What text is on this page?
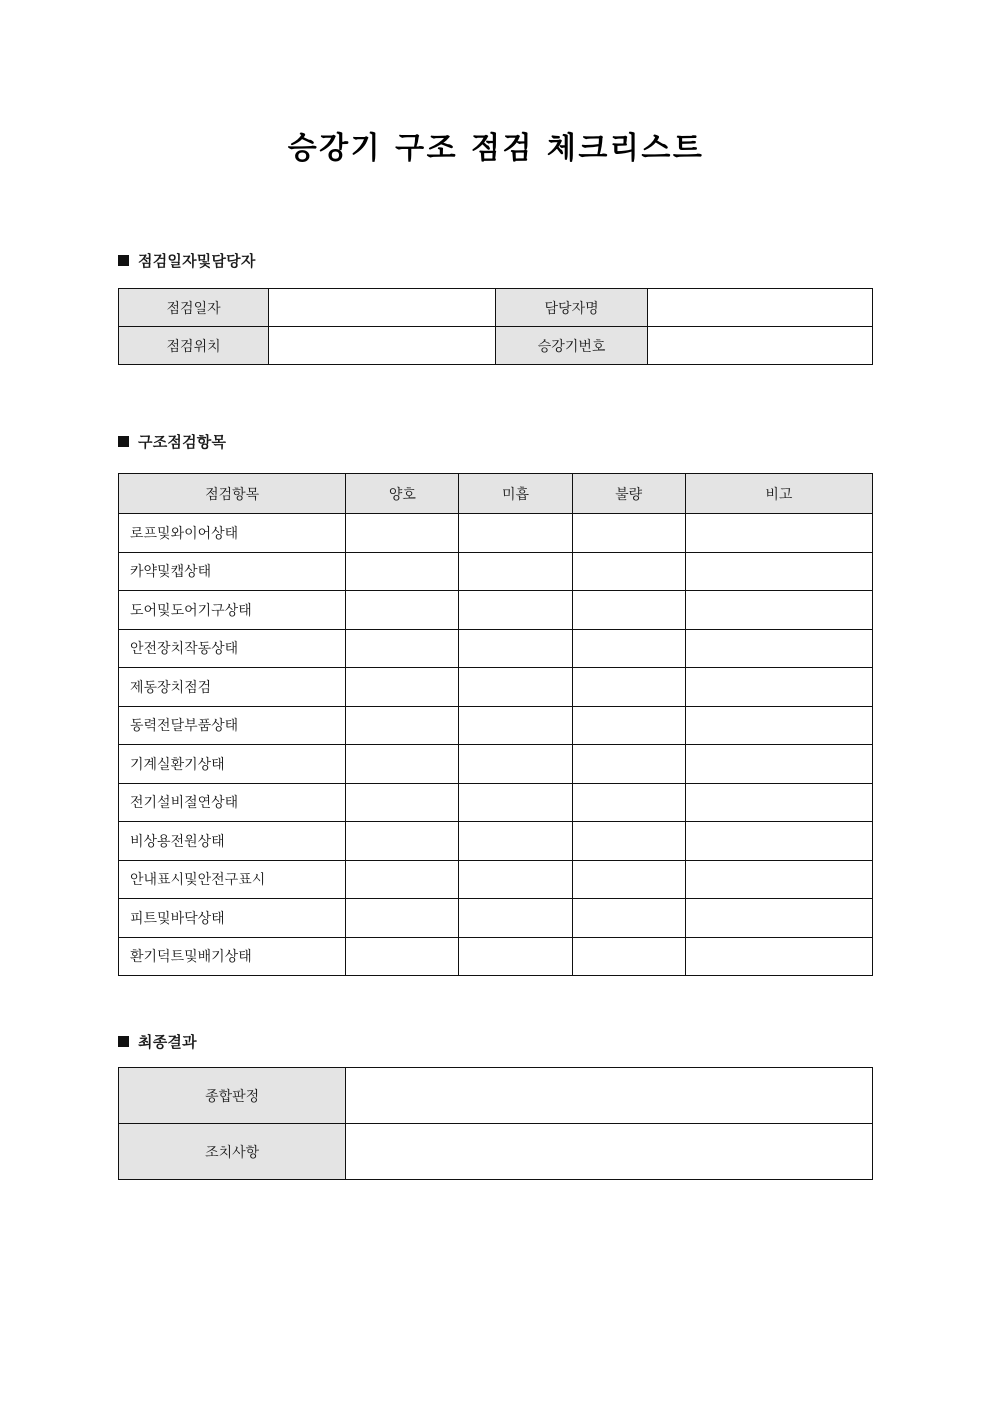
승강기 구조 점검 체크리스트
점검일자및담당자
점검일자		담당자명	
점검위치		승강기번호	
구조점검항목
점검항목	양호	미흡	불량	비고
로프및와이어상태				
카약및캡상태				
도어및도어기구상태				
안전장치작동상태				
제동장치점검				
동력전달부품상태				
기계실환기상태				
전기설비절연상태				
비상용전원상태				
안내표시및안전구표시				
피트및바닥상태				
환기덕트및배기상태				
최종결과
종합판정	
조치사항	
